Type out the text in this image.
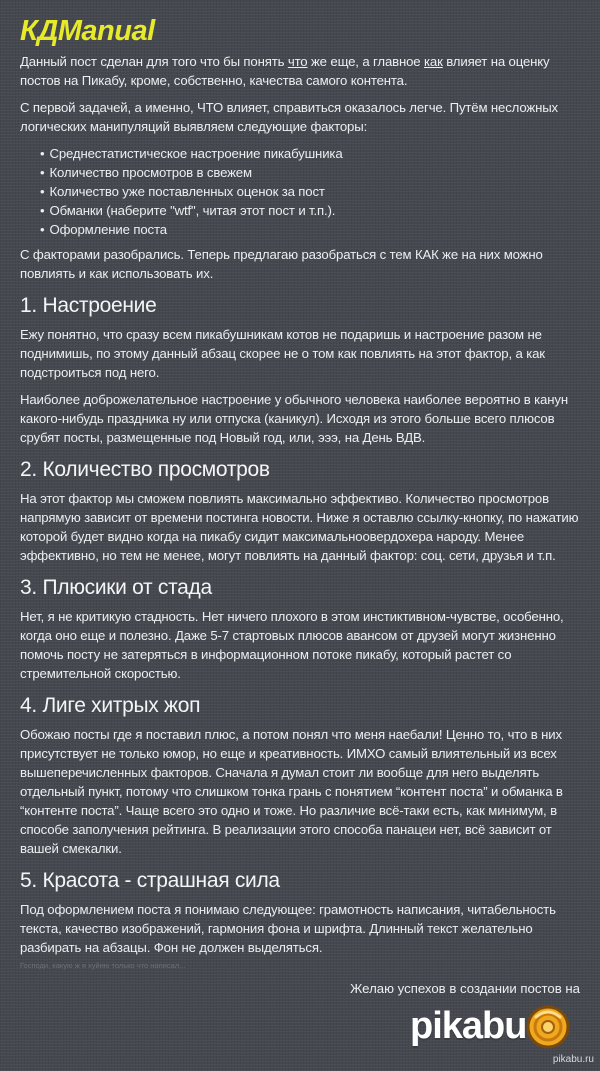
КДManual

Данный пост сделан для того что бы понять что же еще, а главное как влияет на оценку постов на Пикабу, кроме, собственно, качества самого контента.

С первой задачей, а именно, ЧТО влияет, справиться оказалось легче. Путём несложных логических манипуляций выявляем следующие факторы:

• Среднестатистическое настроение пикабушника
• Количество просмотров в свежем
• Количество уже поставленных оценок за пост
• Обманки (наберите "wtf", читая этот пост и т.п.).
• Оформление поста

С факторами разобрались. Теперь предлагаю разобраться с тем КАК же на них можно повлиять и как использовать их.

1. Настроение

Ежу понятно, что сразу всем пикабушникам котов не подаришь и настроение разом не поднимишь, по этому данный абзац скорее не о том как повлиять на этот фактор, а как подстроиться под него.

Наиболее доброжелательное настроение у обычного человека наиболее вероятно в канун какого-нибудь праздника ну или отпуска (каникул). Исходя из этого больше всего плюсов срубят посты, размещенные под Новый год, или, эээ, на День ВДВ.

2. Количество просмотров

На этот фактор мы сможем повлиять максимально эффективо. Количество просмотров напрямую зависит от времени постинга новости. Ниже я оставлю ссылку-кнопку, по нажатию которой будет видно когда на пикабу сидит максимальноовердохера народу. Менее эффективно, но тем не менее, могут повлиять на данный фактор: соц. сети, друзья и т.п.

3. Плюсики от стада

Нет, я не критикую стадность. Нет ничего плохого в этом инстиктивном-чувстве, особенно, когда оно еще и полезно. Даже 5-7 стартовых плюсов авансом от друзей могут жизненно помочь посту не затеряться в информационном потоке пикабу, который растет со стремительной скоростью.

4. Лиге хитрых жоп

Обожаю посты где я поставил плюс, а потом понял что меня наебали! Ценно то, что в них присутствует не только юмор, но еще и креативность. ИМХО самый влиятельный из всех вышеперечисленных факторов. Сначала я думал стоит ли вообще для него выделять отдельный пункт, потому что слишком тонка грань с понятием “контент поста” и обманка в “контенте поста”. Чаще всего это одно и тоже. Но различие всё-таки есть, как минимум, в способе заполучения рейтинга. В реализации этого способа панацеи нет, всё зависит от вашей смекалки.

5. Красота - страшная сила

Под оформлением поста я понимаю следующее: грамотность написания, читабельность текста, качество изображений, гармония фона и шрифта. Длинный текст желательно разбирать на абзацы. Фон не должен выделяться.

Господи, какую ж я хуйню только что написал...
Желаю успехов в создании постов на
pikabu
pikabu.ru
